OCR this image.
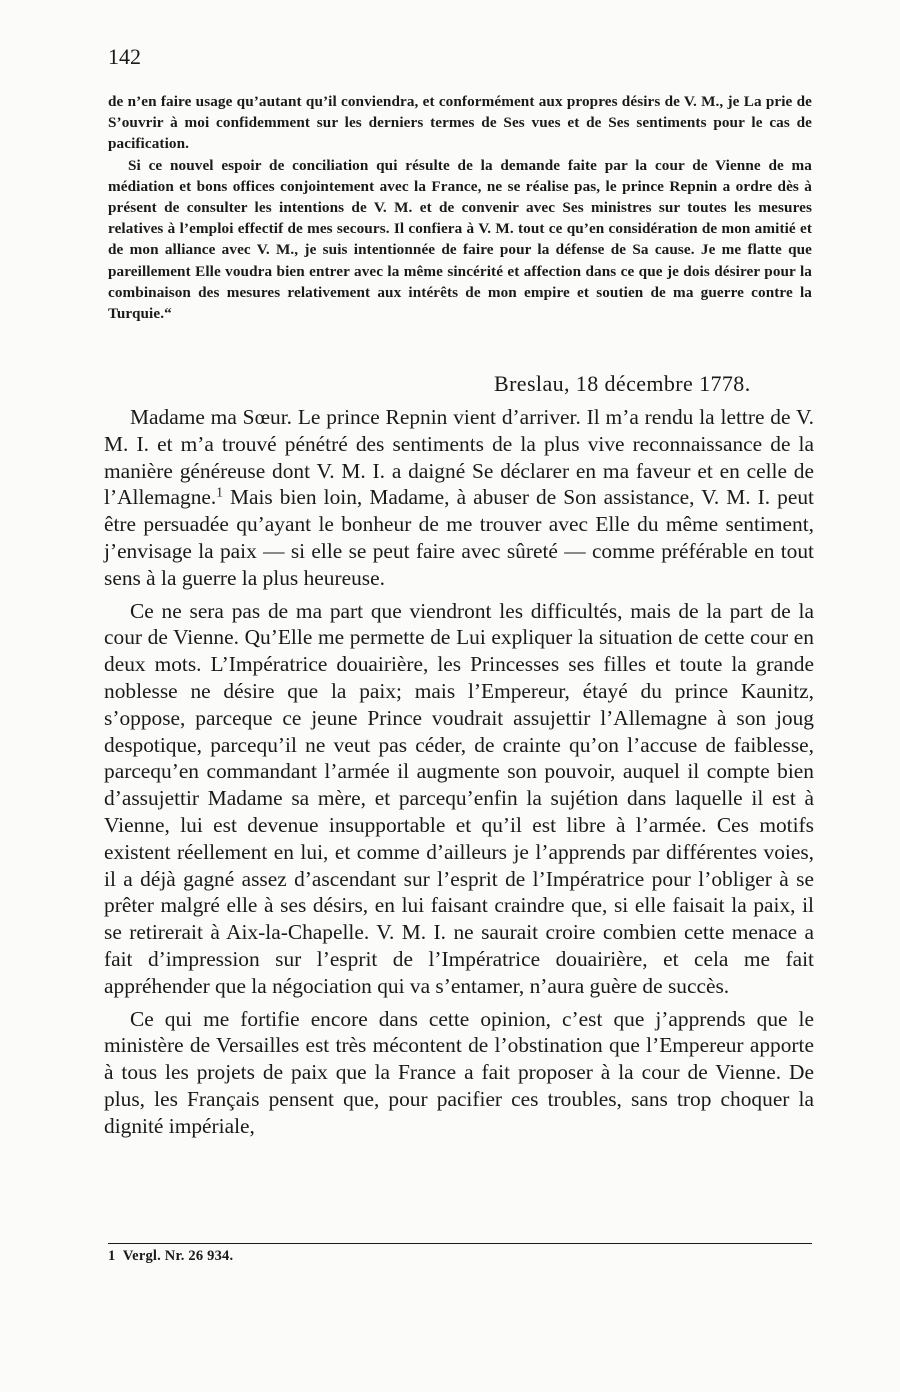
142

de n’en faire usage qu’autant qu’il conviendra, et conformément aux propres désirs de V. M., je La prie de S’ouvrir à moi confidemment sur les derniers termes de Ses vues et de Ses sentiments pour le cas de pacification.

Si ce nouvel espoir de conciliation qui résulte de la demande faite par la cour de Vienne de ma médiation et bons offices conjointement avec la France, ne se réalise pas, le prince Repnin a ordre dès à présent de consulter les intentions de V. M. et de convenir avec Ses ministres sur toutes les mesures relatives à l’emploi effectif de mes secours. Il confiera à V. M. tout ce qu’en considération de mon amitié et de mon alliance avec V. M., je suis intentionnée de faire pour la défense de Sa cause. Je me flatte que pareillement Elle voudra bien entrer avec la même sincérité et affection dans ce que je dois désirer pour la combinaison des mesures relativement aux intérêts de mon empire et soutien de ma guerre contre la Turquie.“

Breslau, 18 décembre 1778.

Madame ma Sœur. Le prince Repnin vient d’arriver. Il m’a rendu la lettre de V. M. I. et m’a trouvé pénétré des sentiments de la plus vive reconnaissance de la manière généreuse dont V. M. I. a daigné Se déclarer en ma faveur et en celle de l’Allemagne.$^1$ Mais bien loin, Madame, à abuser de Son assistance, V. M. I. peut être persuadée qu’ayant le bonheur de me trouver avec Elle du même sentiment, j’envisage la paix — si elle se peut faire avec sûreté — comme préférable en tout sens à la guerre la plus heureuse.

Ce ne sera pas de ma part que viendront les difficultés, mais de la part de la cour de Vienne. Qu’Elle me permette de Lui expliquer la situation de cette cour en deux mots. L’Impératrice douairière, les Princesses ses filles et toute la grande noblesse ne désire que la paix; mais l’Empereur, étayé du prince Kaunitz, s’oppose, parceque ce jeune Prince voudrait assujettir l’Allemagne à son joug despotique, parcequ’il ne veut pas céder, de crainte qu’on l’accuse de faiblesse, parcequ’en commandant l’armée il augmente son pouvoir, auquel il compte bien d’assujettir Madame sa mère, et parcequ’enfin la sujétion dans laquelle il est à Vienne, lui est devenue insupportable et qu’il est libre à l’armée. Ces motifs existent réellement en lui, et comme d’ailleurs je l’apprends par différentes voies, il a déjà gagné assez d’ascendant sur l’esprit de l’Impératrice pour l’obliger à se prêter malgré elle à ses désirs, en lui faisant craindre que, si elle faisait la paix, il se retirerait à Aix-la-Chapelle. V. M. I. ne saurait croire combien cette menace a fait d’impression sur l’esprit de l’Impératrice douairière, et cela me fait appréhender que la négociation qui va s’entamer, n’aura guère de succès.

Ce qui me fortifie encore dans cette opinion, c’est que j’apprends que le ministère de Versailles est très mécontent de l’obstination que l’Empereur apporte à tous les projets de paix que la France a fait proposer à la cour de Vienne. De plus, les Français pensent que, pour pacifier ces troubles, sans trop choquer la dignité impériale,

1 Vergl. Nr. 26 934.
